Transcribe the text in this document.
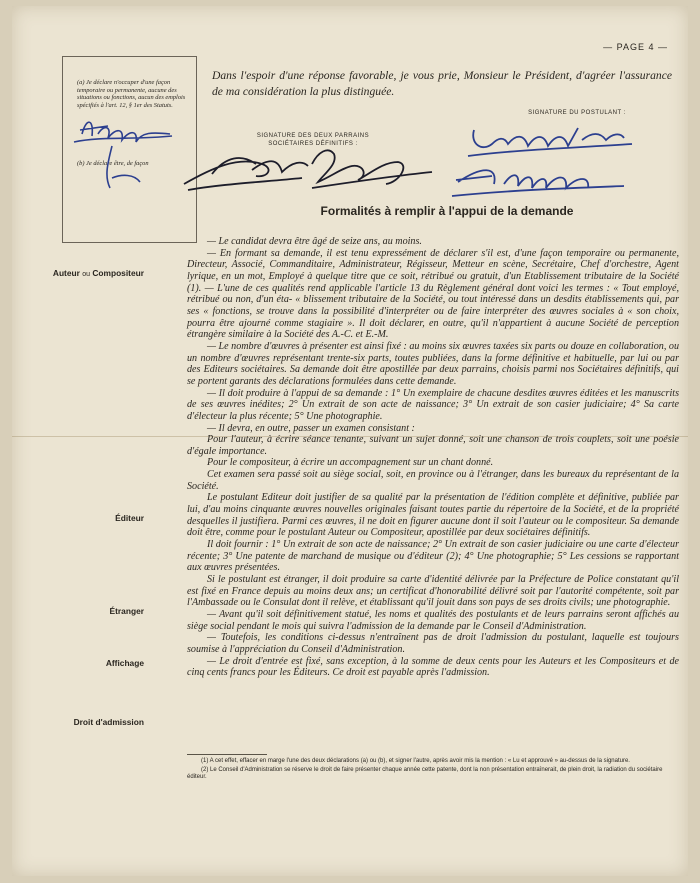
— PAGE 4 —
(a) Je déclare n'occuper d'une façon temporaire ou permanente, aucune des situations ou fonctions, aucun des emplois spécifiés à l'art. 12, § 1er des Statuts.
(b) Je déclare être, de façon
Dans l'espoir d'une réponse favorable, je vous prie, Monsieur le Président, d'agréer l'assurance de ma considération la plus distinguée.
SIGNATURE DES DEUX PARRAINS SOCIÉTAIRES DÉFINITIFS :
SIGNATURE DU POSTULANT :
Formalités à remplir à l'appui de la demande
Auteur ou Compositeur
Éditeur
Étranger
Affichage
Droit d'admission

— Le candidat devra être âgé de seize ans, au moins.

— En formant sa demande, il est tenu expressément de déclarer s'il est, d'une façon temporaire ou permanente, Directeur, Associé, Commanditaire, Administrateur, Régisseur, Metteur en scène, Secrétaire, Chef d'orchestre, Agent lyrique, en un mot, Employé à quelque titre que ce soit, rétribué ou gratuit, d'un Etablissement tributaire de la Société (1). — L'une de ces qualités rend applicable l'article 13 du Règlement général dont voici les termes : « Tout employé, rétribué ou non, d'un éta- « blissement tributaire de la Société, ou tout intéressé dans un desdits établissements qui, par ses « fonctions, se trouve dans la possibilité d'interpréter ou de faire interpréter des œuvres sociales à « son choix, pourra être ajourné comme stagiaire ». Il doit déclarer, en outre, qu'il n'appartient à aucune Société de perception étrangère similaire à la Société des A.-C. et E.-M.

— Le nombre d'œuvres à présenter est ainsi fixé : au moins six œuvres taxées six parts ou douze en collaboration, ou un nombre d'œuvres représentant trente-six parts, toutes publiées, dans la forme définitive et habituelle, par lui ou par des Editeurs sociétaires. Sa demande doit être apostillée par deux parrains, choisis parmi nos Sociétaires définitifs, qui se portent garants des déclarations formulées dans cette demande.

— Il doit produire à l'appui de sa demande : 1° Un exemplaire de chacune desdites œuvres éditées et les manuscrits de ses œuvres inédites; 2° Un extrait de son acte de naissance; 3° Un extrait de son casier judiciaire; 4° Sa carte d'électeur la plus récente; 5° Une photographie.

— Il devra, en outre, passer un examen consistant :

Pour l'auteur, à écrire séance tenante, suivant un sujet donné, soit une chanson de trois couplets, soit une poésie d'égale importance.

Pour le compositeur, à écrire un accompagnement sur un chant donné.

Cet examen sera passé soit au siège social, soit, en province ou à l'étranger, dans les bureaux du représentant de la Société.

Le postulant Editeur doit justifier de sa qualité par la présentation de l'édition complète et définitive, publiée par lui, d'au moins cinquante œuvres nouvelles originales faisant toutes partie du répertoire de la Société, et de la propriété desquelles il justifiera. Parmi ces œuvres, il ne doit en figurer aucune dont il soit l'auteur ou le compositeur. Sa demande doit être, comme pour le postulant Auteur ou Compositeur, apostillée par deux sociétaires définitifs.

Il doit fournir : 1° Un extrait de son acte de naissance; 2° Un extrait de son casier judiciaire ou une carte d'électeur récente; 3° Une patente de marchand de musique ou d'éditeur (2); 4° Une photographie; 5° Les cessions se rapportant aux œuvres présentées.

Si le postulant est étranger, il doit produire sa carte d'identité délivrée par la Préfecture de Police constatant qu'il est fixé en France depuis au moins deux ans; un certificat d'honorabilité délivré soit par l'autorité compétente, soit par l'Ambassade ou le Consulat dont il relève, et établissant qu'il jouit dans son pays de ses droits civils; une photographie.

— Avant qu'il soit définitivement statué, les noms et qualités des postulants et de leurs parrains seront affichés au siège social pendant le mois qui suivra l'admission de la demande par le Conseil d'Administration.

— Toutefois, les conditions ci-dessus n'entraînent pas de droit l'admission du postulant, laquelle est toujours soumise à l'appréciation du Conseil d'Administration.

— Le droit d'entrée est fixé, sans exception, à la somme de deux cents pour les Auteurs et les Compositeurs et de cinq cents francs pour les Éditeurs. Ce droit est payable après l'admission.

(1) A cet effet, effacer en marge l'une des deux déclarations (a) ou (b), et signer l'autre, après avoir mis la mention : « Lu et approuvé » au-dessus de la signature.

(2) Le Conseil d'Administration se réserve le droit de faire présenter chaque année cette patente, dont la non présentation entraînerait, de plein droit, la radiation du sociétaire éditeur.
